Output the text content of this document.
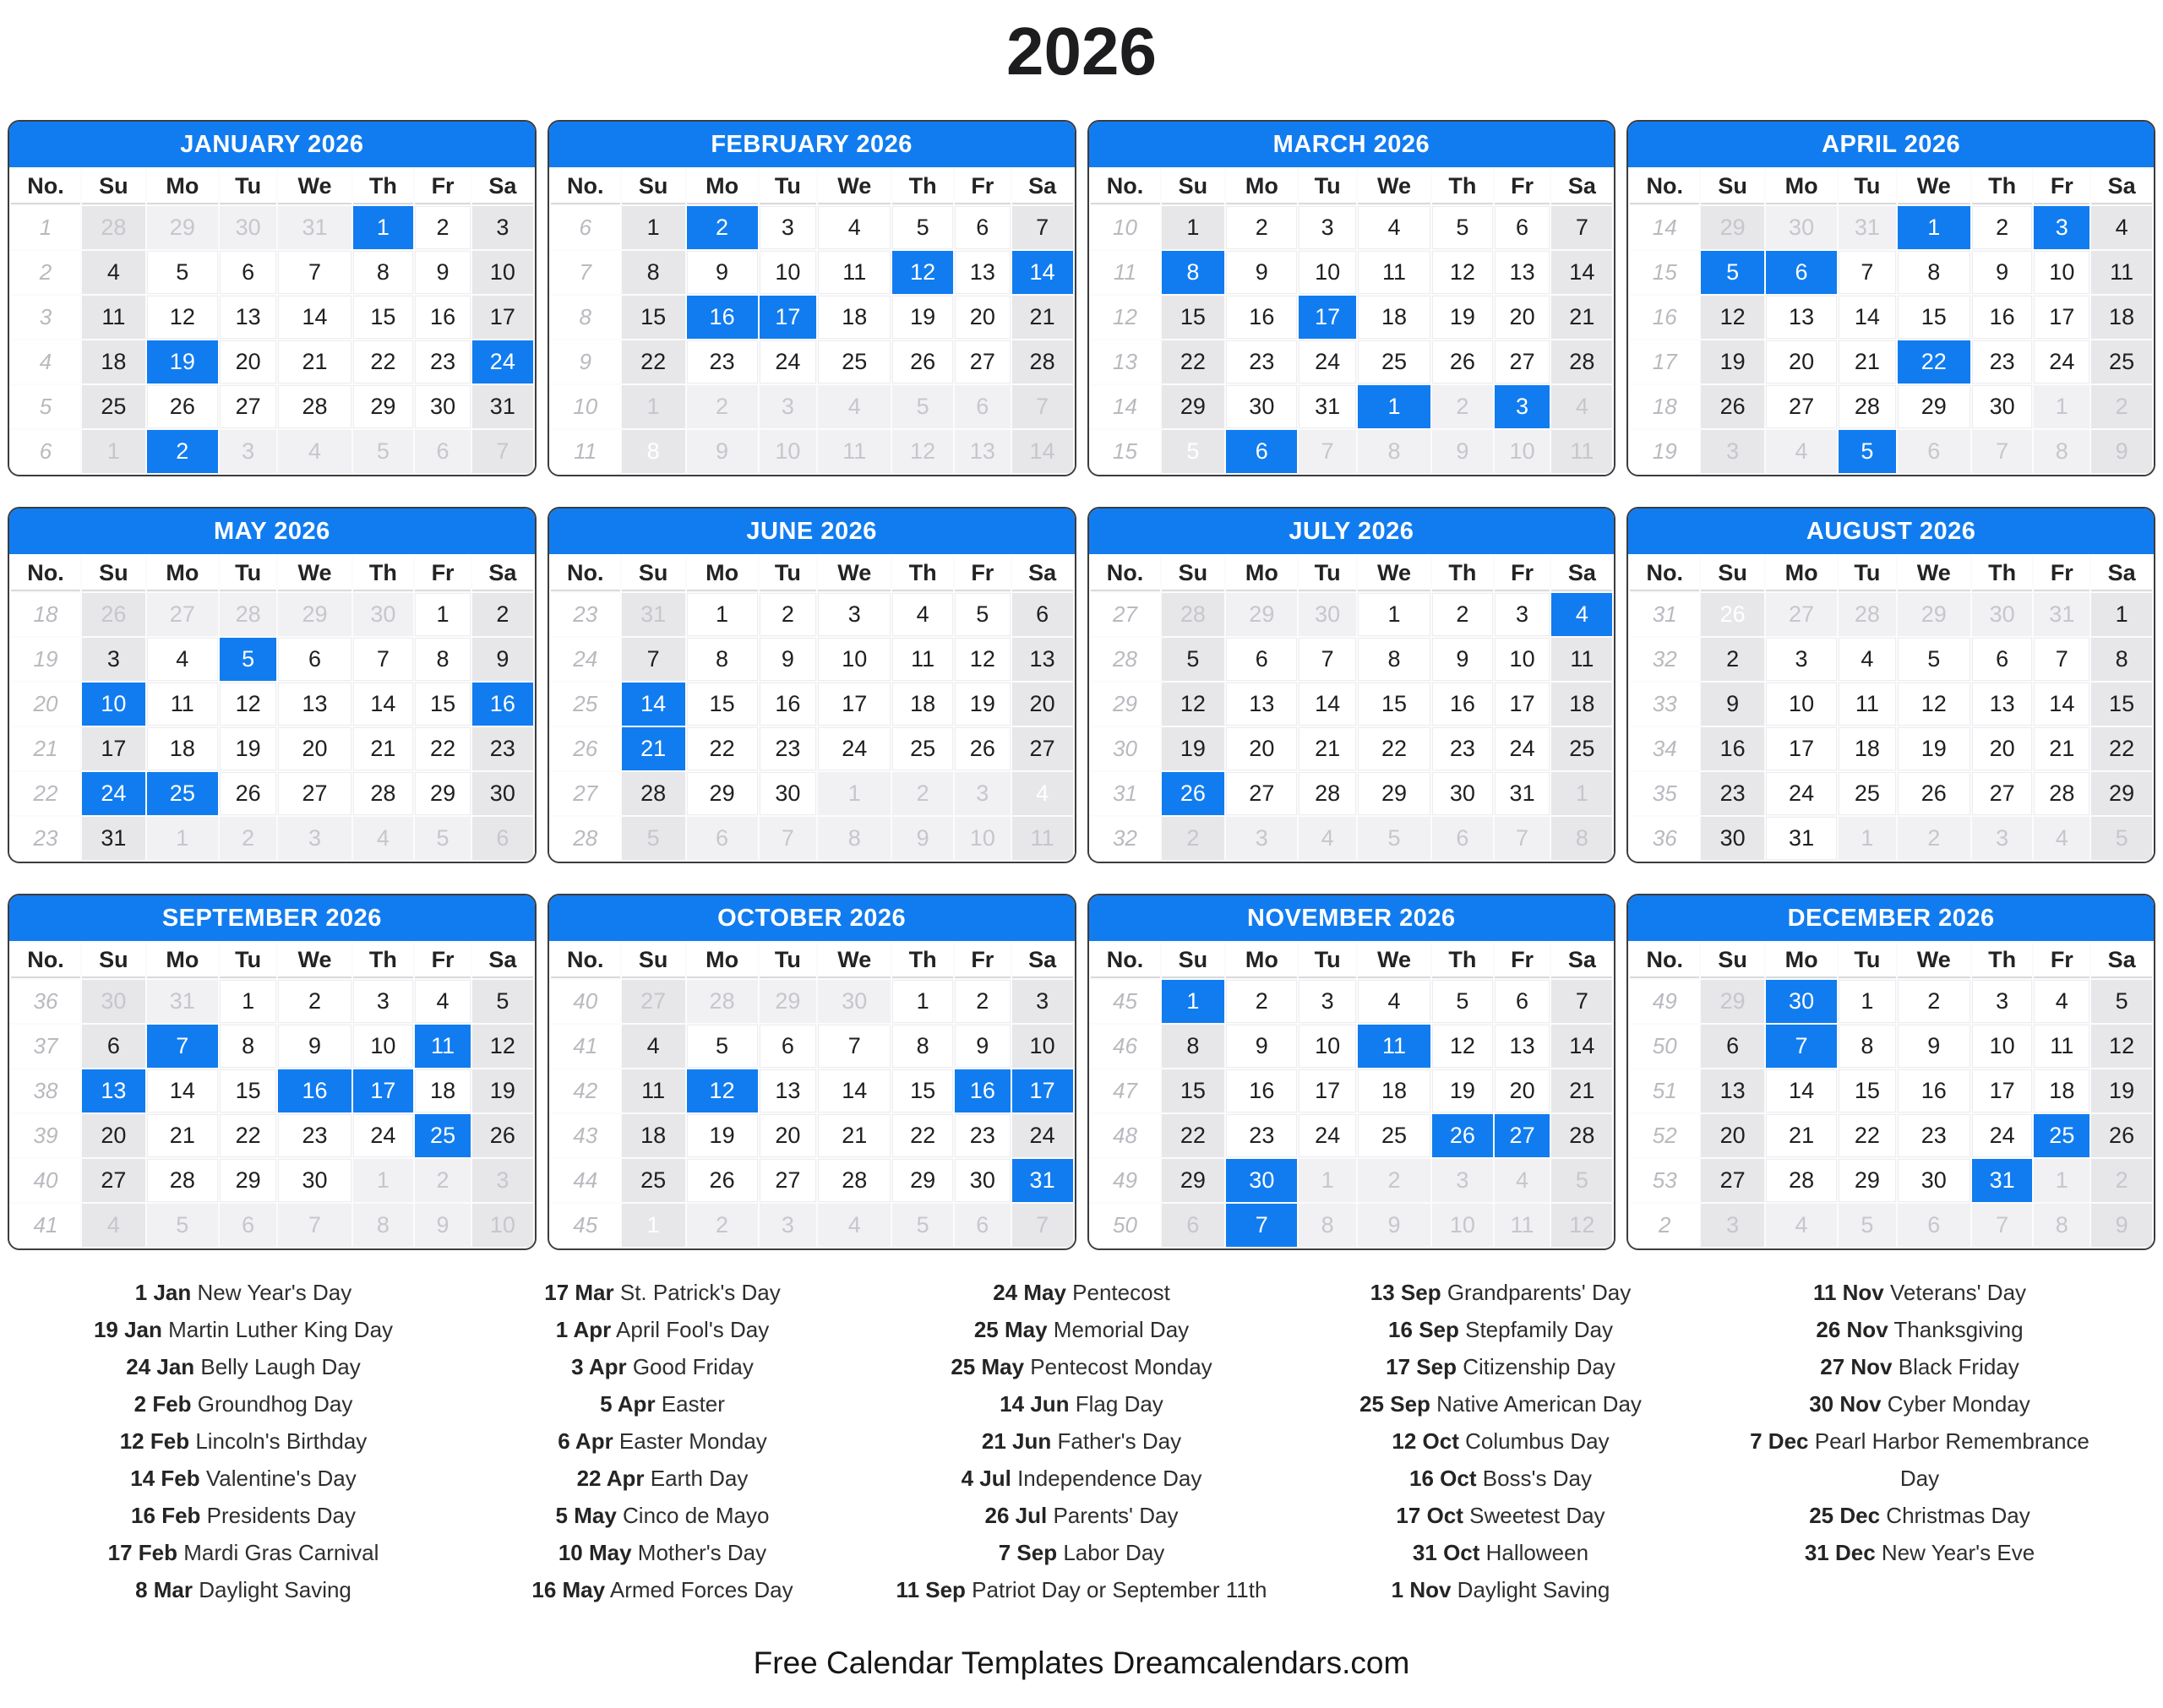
2026
JANUARY 2026
No.	Su	Mo	Tu	We	Th	Fr	Sa
1	28	29	30	31	1	2	3
2	4	5	6	7	8	9	10
3	11	12	13	14	15	16	17
4	18	19	20	21	22	23	24
5	25	26	27	28	29	30	31
6	1	2	3	4	5	6	7
FEBRUARY 2026
No.	Su	Mo	Tu	We	Th	Fr	Sa
6	1	2	3	4	5	6	7
7	8	9	10	11	12	13	14
8	15	16	17	18	19	20	21
9	22	23	24	25	26	27	28
10	1	2	3	4	5	6	7
11	8	9	10	11	12	13	14
MARCH 2026
No.	Su	Mo	Tu	We	Th	Fr	Sa
10	1	2	3	4	5	6	7
11	8	9	10	11	12	13	14
12	15	16	17	18	19	20	21
13	22	23	24	25	26	27	28
14	29	30	31	1	2	3	4
15	5	6	7	8	9	10	11
APRIL 2026
No.	Su	Mo	Tu	We	Th	Fr	Sa
14	29	30	31	1	2	3	4
15	5	6	7	8	9	10	11
16	12	13	14	15	16	17	18
17	19	20	21	22	23	24	25
18	26	27	28	29	30	1	2
19	3	4	5	6	7	8	9
MAY 2026
No.	Su	Mo	Tu	We	Th	Fr	Sa
18	26	27	28	29	30	1	2
19	3	4	5	6	7	8	9
20	10	11	12	13	14	15	16
21	17	18	19	20	21	22	23
22	24	25	26	27	28	29	30
23	31	1	2	3	4	5	6
JUNE 2026
No.	Su	Mo	Tu	We	Th	Fr	Sa
23	31	1	2	3	4	5	6
24	7	8	9	10	11	12	13
25	14	15	16	17	18	19	20
26	21	22	23	24	25	26	27
27	28	29	30	1	2	3	4
28	5	6	7	8	9	10	11
JULY 2026
No.	Su	Mo	Tu	We	Th	Fr	Sa
27	28	29	30	1	2	3	4
28	5	6	7	8	9	10	11
29	12	13	14	15	16	17	18
30	19	20	21	22	23	24	25
31	26	27	28	29	30	31	1
32	2	3	4	5	6	7	8
AUGUST 2026
No.	Su	Mo	Tu	We	Th	Fr	Sa
31	26	27	28	29	30	31	1
32	2	3	4	5	6	7	8
33	9	10	11	12	13	14	15
34	16	17	18	19	20	21	22
35	23	24	25	26	27	28	29
36	30	31	1	2	3	4	5
SEPTEMBER 2026
No.	Su	Mo	Tu	We	Th	Fr	Sa
36	30	31	1	2	3	4	5
37	6	7	8	9	10	11	12
38	13	14	15	16	17	18	19
39	20	21	22	23	24	25	26
40	27	28	29	30	1	2	3
41	4	5	6	7	8	9	10
OCTOBER 2026
No.	Su	Mo	Tu	We	Th	Fr	Sa
40	27	28	29	30	1	2	3
41	4	5	6	7	8	9	10
42	11	12	13	14	15	16	17
43	18	19	20	21	22	23	24
44	25	26	27	28	29	30	31
45	1	2	3	4	5	6	7
NOVEMBER 2026
No.	Su	Mo	Tu	We	Th	Fr	Sa
45	1	2	3	4	5	6	7
46	8	9	10	11	12	13	14
47	15	16	17	18	19	20	21
48	22	23	24	25	26	27	28
49	29	30	1	2	3	4	5
50	6	7	8	9	10	11	12
DECEMBER 2026
No.	Su	Mo	Tu	We	Th	Fr	Sa
49	29	30	1	2	3	4	5
50	6	7	8	9	10	11	12
51	13	14	15	16	17	18	19
52	20	21	22	23	24	25	26
53	27	28	29	30	31	1	2
2	3	4	5	6	7	8	9
1 Jan New Year's Day
19 Jan Martin Luther King Day
24 Jan Belly Laugh Day
2 Feb Groundhog Day
12 Feb Lincoln's Birthday
14 Feb Valentine's Day
16 Feb Presidents Day
17 Feb Mardi Gras Carnival
8 Mar Daylight Saving
17 Mar St. Patrick's Day
1 Apr April Fool's Day
3 Apr Good Friday
5 Apr Easter
6 Apr Easter Monday
22 Apr Earth Day
5 May Cinco de Mayo
10 May Mother's Day
16 May Armed Forces Day
24 May Pentecost
25 May Memorial Day
25 May Pentecost Monday
14 Jun Flag Day
21 Jun Father's Day
4 Jul Independence Day
26 Jul Parents' Day
7 Sep Labor Day
11 Sep Patriot Day or September 11th
13 Sep Grandparents' Day
16 Sep Stepfamily Day
17 Sep Citizenship Day
25 Sep Native American Day
12 Oct Columbus Day
16 Oct Boss's Day
17 Oct Sweetest Day
31 Oct Halloween
1 Nov Daylight Saving
11 Nov Veterans' Day
26 Nov Thanksgiving
27 Nov Black Friday
30 Nov Cyber Monday
7 Dec Pearl Harbor Remembrance Day
25 Dec Christmas Day
31 Dec New Year's Eve
Free Calendar Templates Dreamcalendars.com
